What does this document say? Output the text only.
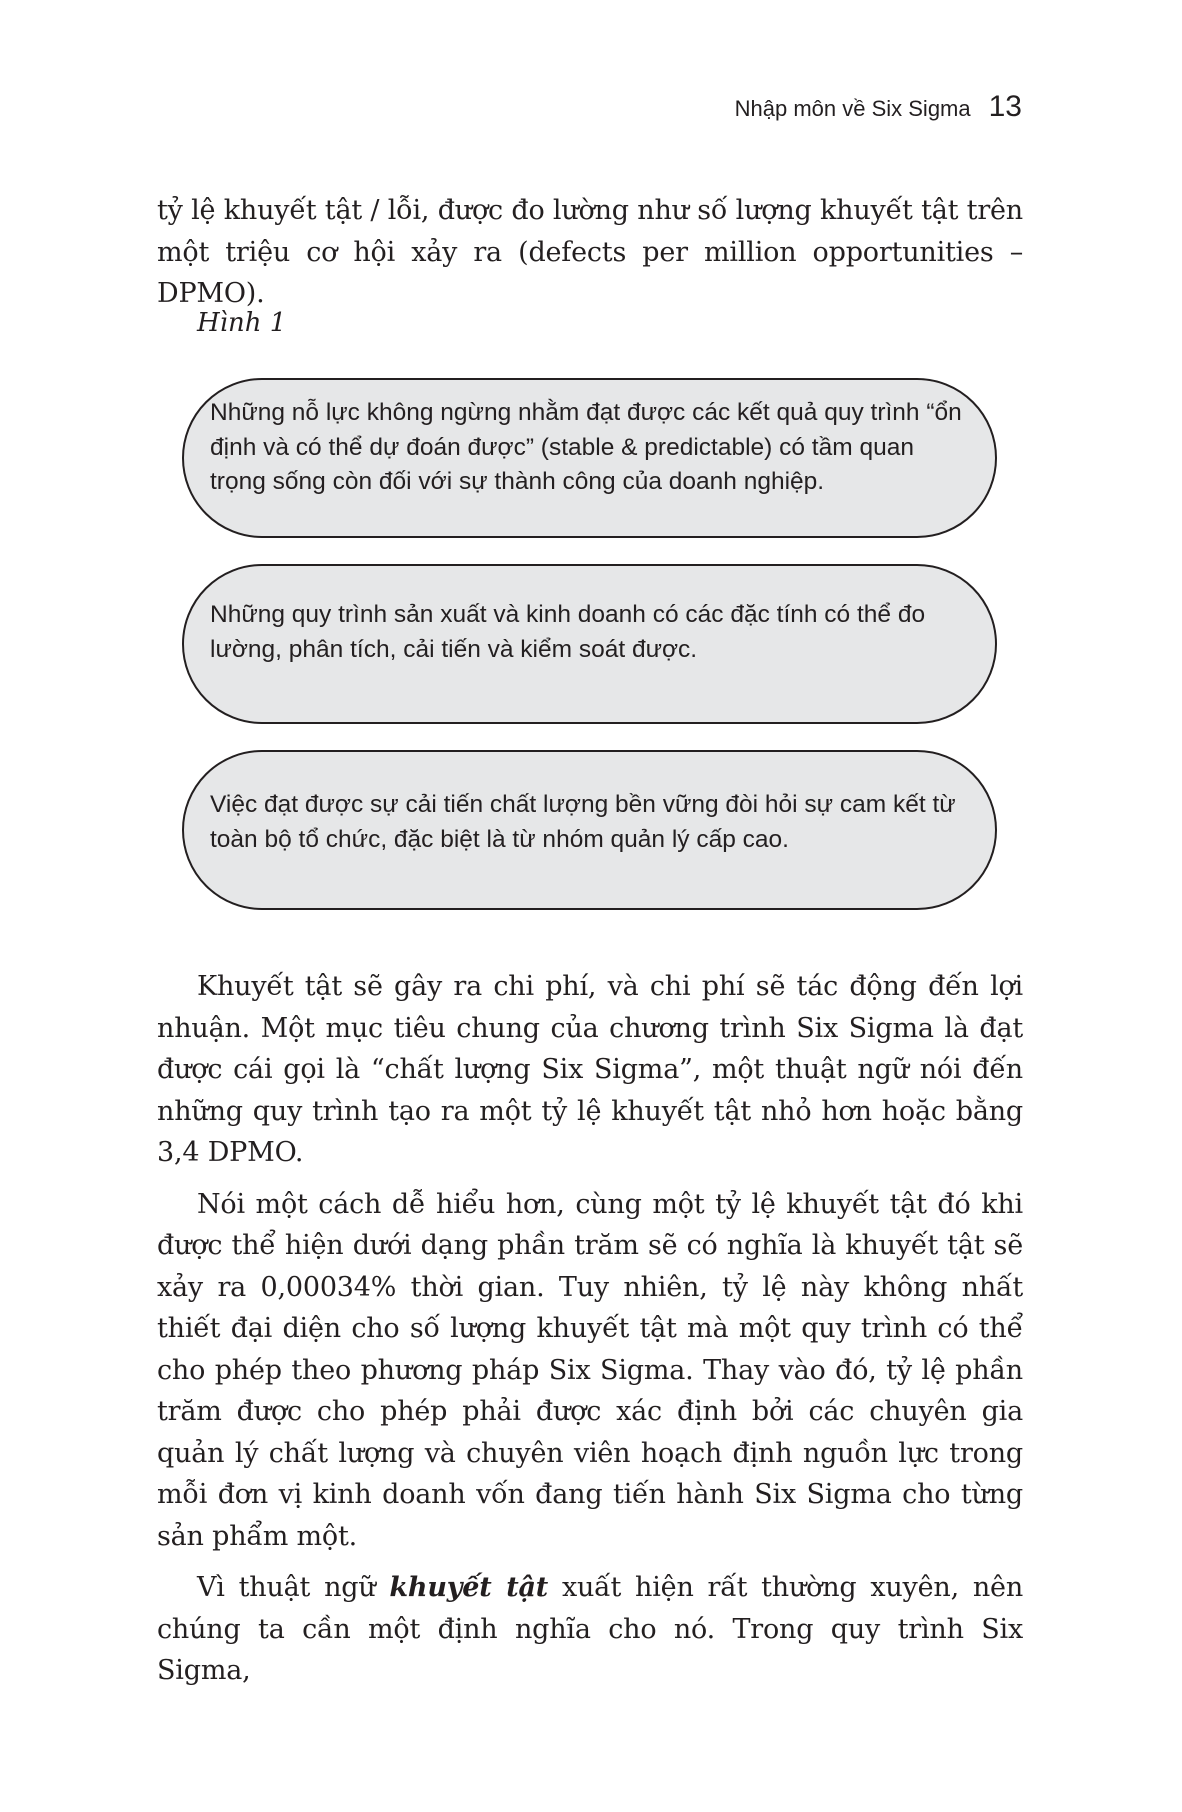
Nhập môn về Six Sigma 13

tỷ lệ khuyết tật / lỗi, được đo lường như số lượng khuyết tật trên một triệu cơ hội xảy ra (defects per million opportunities – DPMO).

Hình 1
Những nỗ lực không ngừng nhằm đạt được các kết quả quy trình “ổn định và có thể dự đoán được” (stable & predictable) có tầm quan trọng sống còn đối với sự thành công của doanh nghiệp.
Những quy trình sản xuất và kinh doanh có các đặc tính có thể đo lường, phân tích, cải tiến và kiểm soát được.
Việc đạt được sự cải tiến chất lượng bền vững đòi hỏi sự cam kết từ toàn bộ tổ chức, đặc biệt là từ nhóm quản lý cấp cao.

Khuyết tật sẽ gây ra chi phí, và chi phí sẽ tác động đến lợi nhuận. Một mục tiêu chung của chương trình Six Sigma là đạt được cái gọi là “chất lượng Six Sigma”, một thuật ngữ nói đến những quy trình tạo ra một tỷ lệ khuyết tật nhỏ hơn hoặc bằng 3,4 DPMO.

Nói một cách dễ hiểu hơn, cùng một tỷ lệ khuyết tật đó khi được thể hiện dưới dạng phần trăm sẽ có nghĩa là khuyết tật sẽ xảy ra 0,00034% thời gian. Tuy nhiên, tỷ lệ này không nhất thiết đại diện cho số lượng khuyết tật mà một quy trình có thể cho phép theo phương pháp Six Sigma. Thay vào đó, tỷ lệ phần trăm được cho phép phải được xác định bởi các chuyên gia quản lý chất lượng và chuyên viên hoạch định nguồn lực trong mỗi đơn vị kinh doanh vốn đang tiến hành Six Sigma cho từng sản phẩm một.

Vì thuật ngữ khuyết tật xuất hiện rất thường xuyên, nên chúng ta cần một định nghĩa cho nó. Trong quy trình Six Sigma,
